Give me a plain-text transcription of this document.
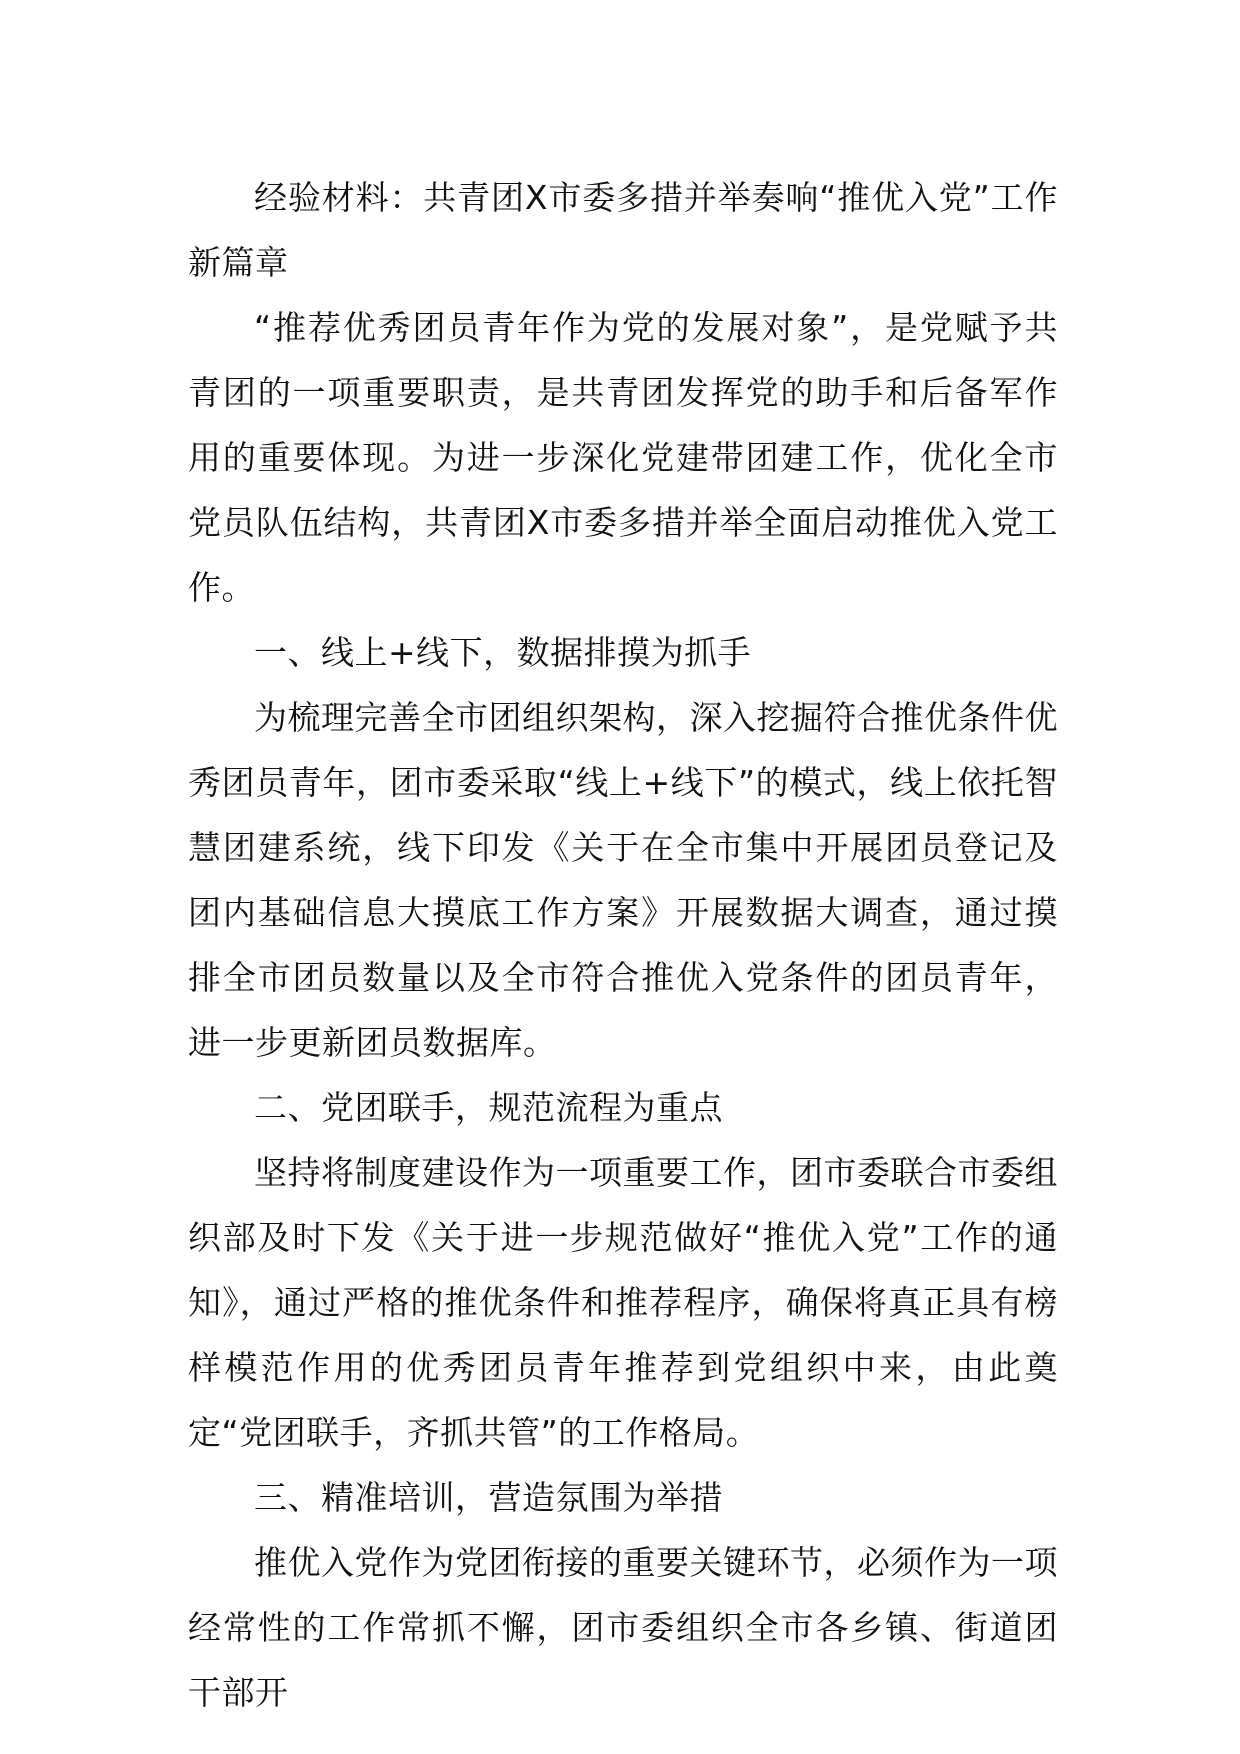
经验材料：共青团X市委多措并举奏响“推优入党”工作新篇章

“推荐优秀团员青年作为党的发展对象”，是党赋予共青团的一项重要职责，是共青团发挥党的助手和后备军作用的重要体现。为进一步深化党建带团建工作，优化全市党员队伍结构，共青团X市委多措并举全面启动推优入党工作。

一、线上+线下，数据排摸为抓手

为梳理完善全市团组织架构，深入挖掘符合推优条件优秀团员青年，团市委采取“线上+线下”的模式，线上依托智慧团建系统，线下印发《关于在全市集中开展团员登记及团内基础信息大摸底工作方案》开展数据大调查，通过摸排全市团员数量以及全市符合推优入党条件的团员青年，进一步更新团员数据库。

二、党团联手，规范流程为重点

坚持将制度建设作为一项重要工作，团市委联合市委组织部及时下发《关于进一步规范做好“推优入党”工作的通知》，通过严格的推优条件和推荐程序，确保将真正具有榜样模范作用的优秀团员青年推荐到党组织中来，由此奠定“党团联手，齐抓共管”的工作格局。

三、精准培训，营造氛围为举措

推优入党作为党团衔接的重要关键环节，必须作为一项经常性的工作常抓不懈，团市委组织全市各乡镇、街道团干部开
